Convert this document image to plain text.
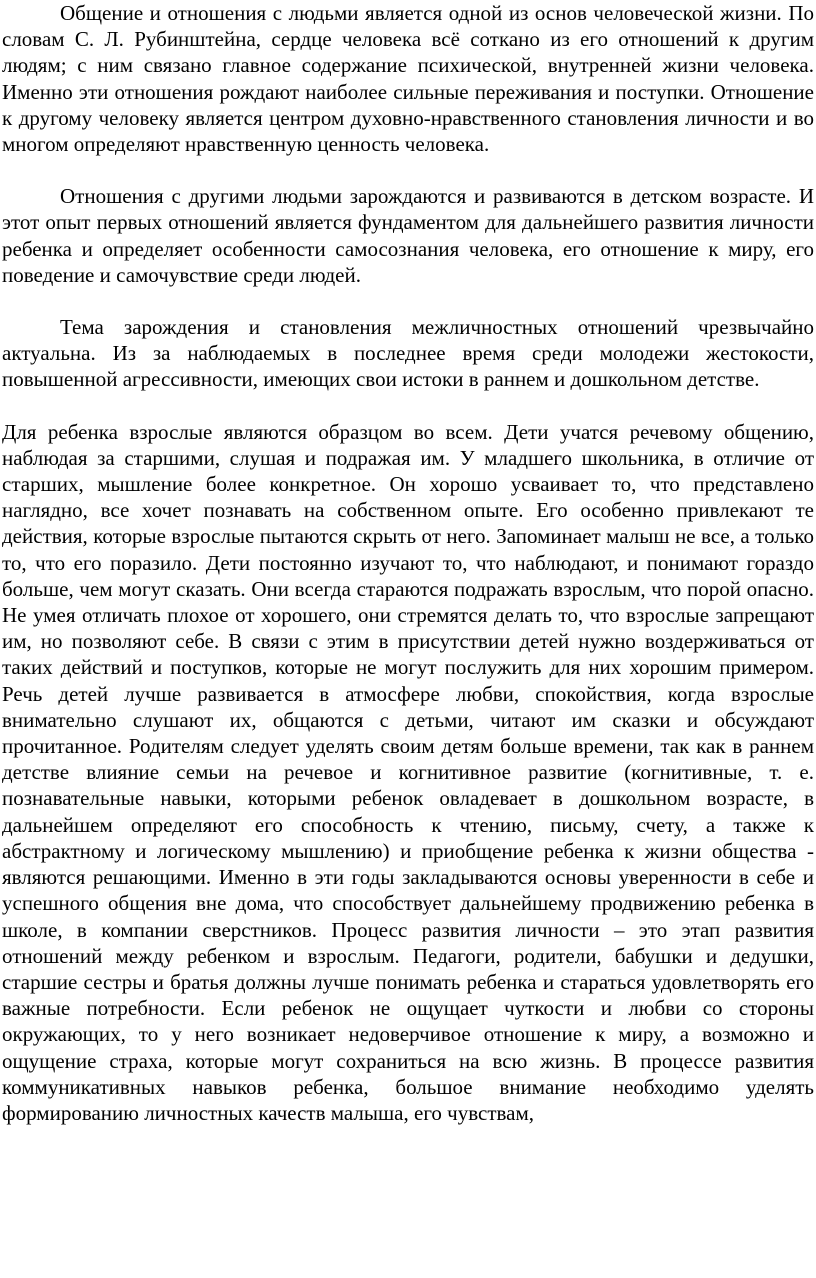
Общение и отношения с людьми является одной из основ человеческой жизни. По словам С. Л. Рубинштейна, сердце человека всё соткано из его отношений к другим людям; с ним связано главное содержание психической, внутренней жизни человека. Именно эти отношения рождают наиболее сильные переживания и поступки. Отношение к другому человеку является центром духовно-нравственного становления личности и во многом определяют нравственную ценность человека.

Отношения с другими людьми зарождаются и развиваются в детском возрасте. И этот опыт первых отношений является фундаментом для дальнейшего развития личности ребенка и определяет особенности самосознания человека, его отношение к миру, его поведение и самочувствие среди людей.

Тема зарождения и становления межличностных отношений чрезвычайно актуальна. Из за наблюдаемых в последнее время среди молодежи жестокости, повышенной агрессивности, имеющих свои истоки в раннем и дошкольном детстве.

Для ребенка взрослые являются образцом во всем. Дети учатся речевому общению, наблюдая за старшими, слушая и подражая им. У младшего школьника, в отличие от старших, мышление более конкретное. Он хорошо усваивает то, что представлено наглядно, все хочет познавать на собственном опыте. Его особенно привлекают те действия, которые взрослые пытаются скрыть от него. Запоминает малыш не все, а только то, что его поразило. Дети постоянно изучают то, что наблюдают, и понимают гораздо больше, чем могут сказать. Они всегда стараются подражать взрослым, что порой опасно. Не умея отличать плохое от хорошего, они стремятся делать то, что взрослые запрещают им, но позволяют себе. В связи с этим в присутствии детей нужно воздерживаться от таких действий и поступков, которые не могут послужить для них хорошим примером. Речь детей лучше развивается в атмосфере любви, спокойствия, когда взрослые внимательно слушают их, общаются с детьми, читают им сказки и обсуждают прочитанное. Родителям следует уделять своим детям больше времени, так как в раннем детстве влияние семьи на речевое и когнитивное развитие (когнитивные, т. е. познавательные навыки, которыми ребенок овладевает в дошкольном возрасте, в дальнейшем определяют его способность к чтению, письму, счету, а также к абстрактному и логическому мышлению) и приобщение ребенка к жизни общества - являются решающими. Именно в эти годы закладываются основы уверенности в себе и успешного общения вне дома, что способствует дальнейшему продвижению ребенка в школе, в компании сверстников. Процесс развития личности – это этап развития отношений между ребенком и взрослым. Педагоги, родители, бабушки и дедушки, старшие сестры и братья должны лучше понимать ребенка и стараться удовлетворять его важные потребности. Если ребенок не ощущает чуткости и любви со стороны окружающих, то у него возникает недоверчивое отношение к миру, а возможно и ощущение страха, которые могут сохраниться на всю жизнь. В процессе развития коммуникативных навыков ребенка, большое внимание необходимо уделять формированию личностных качеств малыша, его чувствам,
